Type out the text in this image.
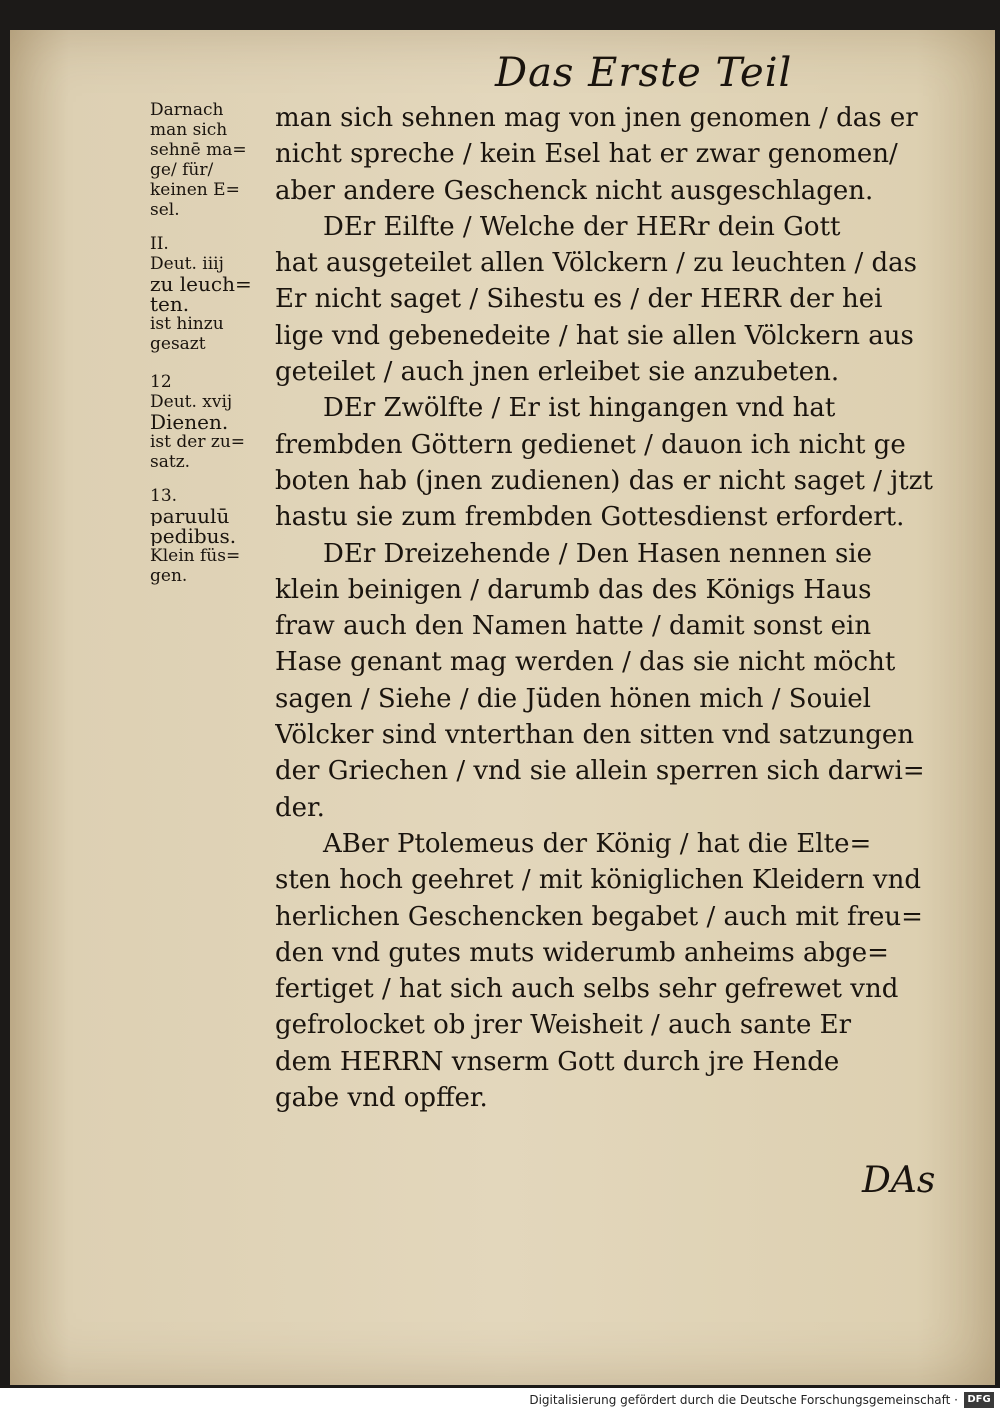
Das Erste Teil
Darnach
man sich
sehnē ma=
ge/ für/
keinen E=
sel.
II.
Deut. iiij
zu leuch=
ten.
ist hinzu
gesazt
12
Deut. xvij
Dienen.
ist der zu=
satz.
13.
paruulū
pedibus.
Klein füs=
gen.
man sich sehnen mag von jnen genomen / das er
nicht spreche / kein Esel hat er zwar genomen/
aber andere Geschenck nicht ausgeschlagen.
DEr Eilfte / Welche der HERr dein Gott
hat ausgeteilet allen Völckern / zu leuchten / das
Er nicht saget / Sihestu es / der HERR der hei
lige vnd gebenedeite / hat sie allen Völckern aus
geteilet / auch jnen erleibet sie anzubeten.
DEr Zwölfte / Er ist hingangen vnd hat
frembden Göttern gedienet / dauon ich nicht ge
boten hab (jnen zudienen) das er nicht saget / jtzt
hastu sie zum frembden Gottesdienst erfordert.
DEr Dreizehende / Den Hasen nennen sie
klein beinigen / darumb das des Königs Haus
fraw auch den Namen hatte / damit sonst ein
Hase genant mag werden / das sie nicht möcht
sagen / Siehe / die Jüden hönen mich / Souiel
Völcker sind vnterthan den sitten vnd satzungen
der Griechen / vnd sie allein sperren sich darwi=
der.
ABer Ptolemeus der König / hat die Elte=
sten hoch geehret / mit königlichen Kleidern vnd
herlichen Geschencken begabet / auch mit freu=
den vnd gutes muts widerumb anheims abge=
fertiget / hat sich auch selbs sehr gefrewet vnd
gefrolocket ob jrer Weisheit / auch sante Er
dem HERRN vnserm Gott durch jre Hende
gabe vnd opffer.
DAs
Digitalisierung gefördert durch die Deutsche Forschungsgemeinschaft · DFG
